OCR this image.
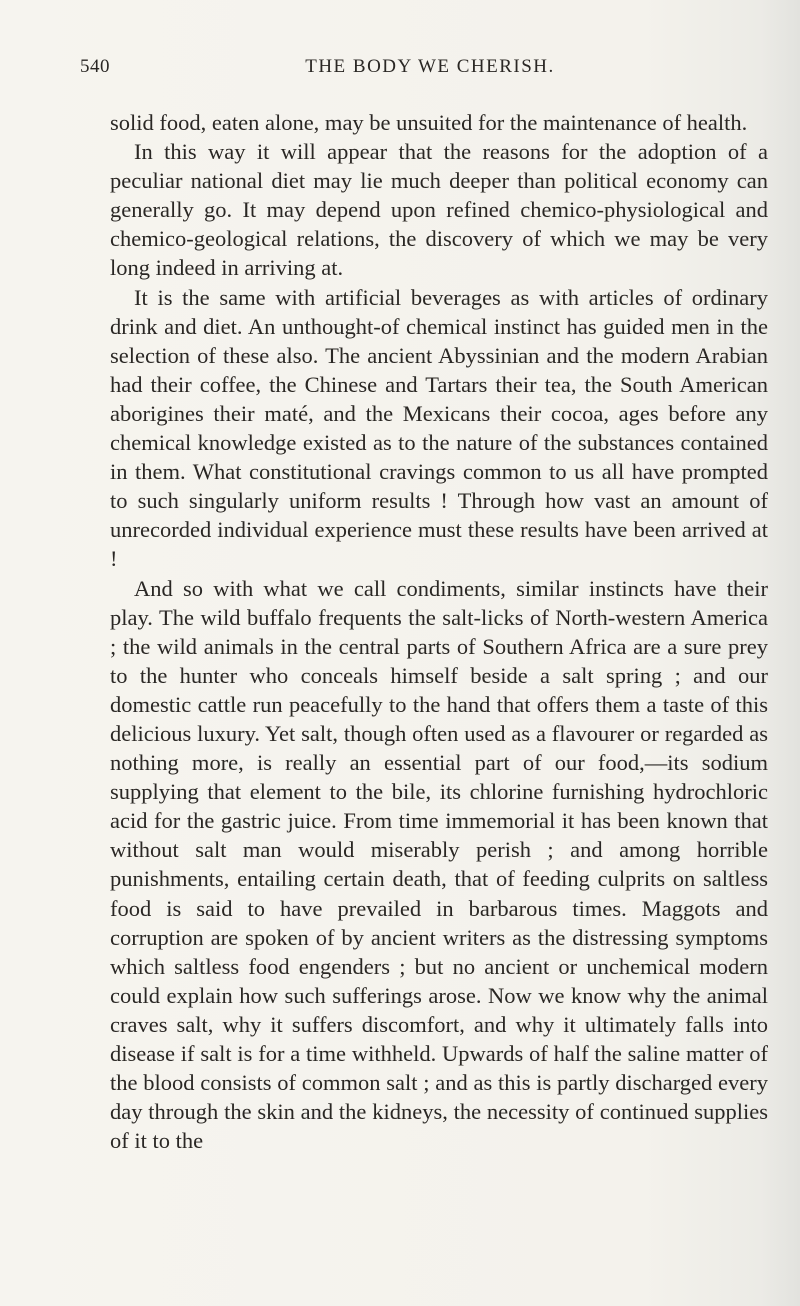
540	THE BODY WE CHERISH.

solid food, eaten alone, may be unsuited for the maintenance of health.

In this way it will appear that the reasons for the adoption of a peculiar national diet may lie much deeper than political economy can generally go. It may depend upon refined chemico-physiological and chemico-geological relations, the discovery of which we may be very long indeed in arriving at.

It is the same with artificial beverages as with articles of ordinary drink and diet. An unthought-of chemical instinct has guided men in the selection of these also. The ancient Abyssinian and the modern Arabian had their coffee, the Chinese and Tartars their tea, the South American aborigines their maté, and the Mexicans their cocoa, ages before any chemical knowledge existed as to the nature of the substances contained in them. What constitutional cravings common to us all have prompted to such singularly uniform results ! Through how vast an amount of unrecorded individual experience must these results have been arrived at !

And so with what we call condiments, similar instincts have their play. The wild buffalo frequents the salt-licks of North-western America ; the wild animals in the central parts of Southern Africa are a sure prey to the hunter who conceals himself beside a salt spring ; and our domestic cattle run peacefully to the hand that offers them a taste of this delicious luxury. Yet salt, though often used as a flavourer or regarded as nothing more, is really an essential part of our food,—its sodium supplying that element to the bile, its chlorine furnishing hydrochloric acid for the gastric juice. From time immemorial it has been known that without salt man would miserably perish ; and among horrible punishments, entailing certain death, that of feeding culprits on saltless food is said to have prevailed in barbarous times. Maggots and corruption are spoken of by ancient writers as the distressing symptoms which saltless food engenders ; but no ancient or unchemical modern could explain how such sufferings arose. Now we know why the animal craves salt, why it suffers discomfort, and why it ultimately falls into disease if salt is for a time withheld. Upwards of half the saline matter of the blood consists of common salt ; and as this is partly discharged every day through the skin and the kidneys, the necessity of continued supplies of it to the
